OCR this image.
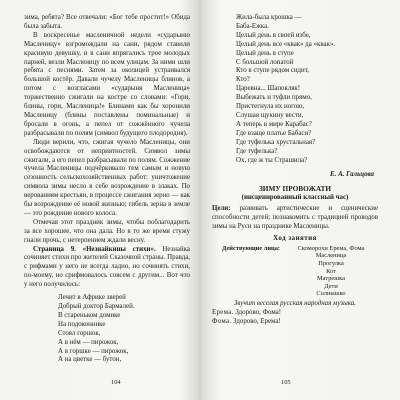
зима, ребята? Все отвечали: «Бог тебе простит!» Обида была забыта.

В воскресенье масленичной недели «сударыню Масленицу» взгромождали на сани, рядом ставили красивую девушку, и в сани впрягались трое молодых парней, везли Масленицу по всем улицам. За ними шли ребята с песнями. Затем за околицей устраивался большой костёр. Давали чучелу Масленицы блинов, а потом с возгласами «сударыня Масленица» торжественно сжигали на костре со словами: «Гори, блины, гори, Масленица!» Блинами как бы хоронили Масленицу (блины поставлены поминальные) и бросали в огонь, а пепел от сожжённого чучела разбрасывали по полям (символ будущего плодородия).

Люди верили, что, сжигая чучело Масленицы, они освобождаются от неприятностей. Символ зимы сжигали, а его пепел разбрасывали по полям. Сожжение чучела Масленицы подчёркивало тем самым и новую сезонность сельскохозяйственных работ: уничтожение символа зимы несло в себе возрождение в злаках. По верованиям крестьян, в процессе сжигания зерно — как бы возрождение её новой жизнью; гибель зерна в земле — это рождение нового колоса.

Отмечая этот праздник зимы, чтобы поблагодарить за все хорошее, что она дала. Но в то же время стужу гнали прочь, с нетерпением ждали весну.

Страница 9. «Незнайкины стихи». Незнайка сочиняет стихи про жителей Сказочной страны. Правда, с рифмами у него не всегда ладно, но сочинять стихи, по-моему, но срифмовалось совсем с другим... Вот что у него получилось:

Лечит в Африке зверей
Добрый доктор Бармалей.
В стареньком домике
На подоконнике
Стоял горшок,
А в нём — пирожок,
А в горшке — пирожок,
А на цветке — бутон,
104
Жила-была крошка —
Баба-Ежка.
Целый день в своей избе,
Целый день все «квак» да «квак».
Целый день в ступе
С большой лопатой
Кто в ступе рядом сидит,
Кто?
Царевна... Шапокляк!
Выбежать и туфли прямо,
Пристегнула их ногою,
Слушая щукину вести,
А теперь в мире Карабас?
Где взаще платье Бабаси?
Где туфелька хрустальная?
Где туфелька?
Ох, где ж ты Страшила?
Е. А. Гальцова
ЗИМУ ПРОВОЖАТИ
(инсценированный классный час)

Цели: развивать артистические и сценические способности детей; познакомить с традицией проводов зимы на Руси на празднике Масленицы.

Ход занятия
Действующие лица:	Скоморохи Ерема, Фома
Масленица
Прогулка
Кот
Матрешка
Дети
Солнышко
Звучит веселая русская народная музыка.
Ерема. Здорово, Фома!
Фома. Здорово, Ерема!
105
